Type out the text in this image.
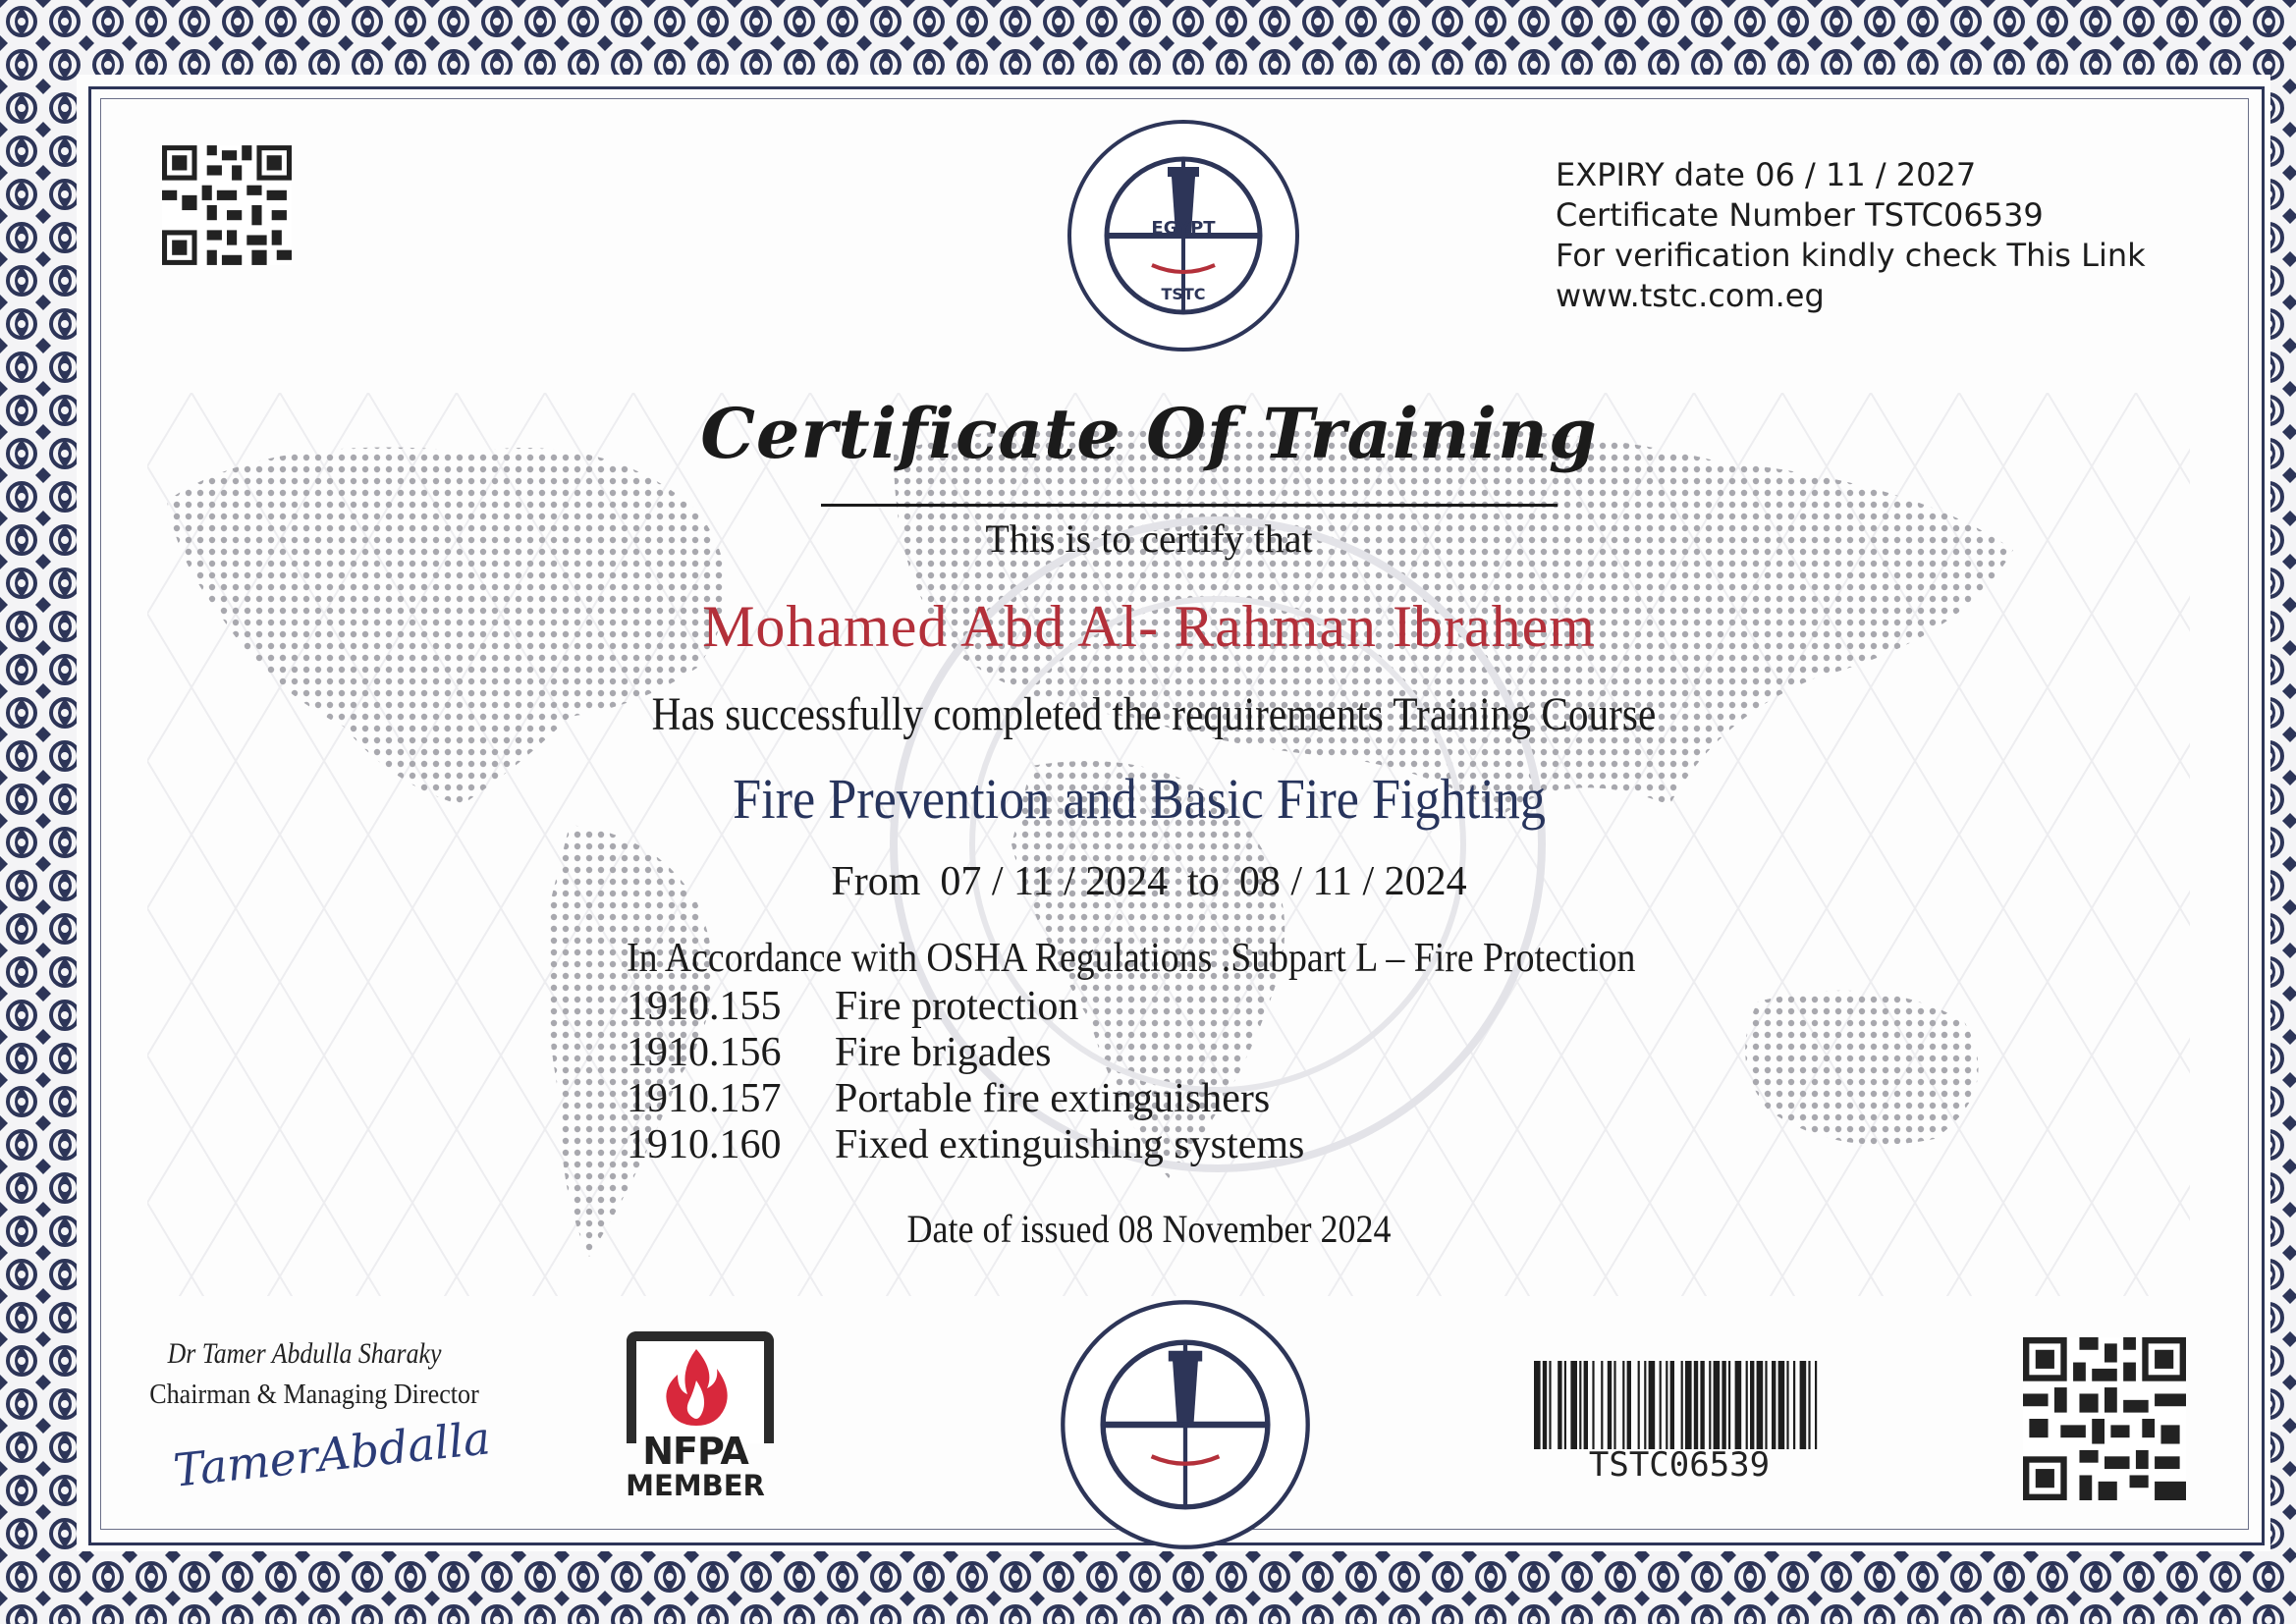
EGYPT
TSTC
EXPIRY date 06 / 11 / 2027
Certificate Number TSTC06539
For verification kindly check This Link
www.tstc.com.eg
Certificate Of Training
This is to certify that
Mohamed Abd Al- Rahman Ibrahem
Has successfully completed the requirements Training Course
Fire Prevention and Basic Fire Fighting
From 07 / 11 / 2024 to 08 / 11 / 2024
In Accordance with OSHA Regulations .Subpart L – Fire Protection
1910.155	Fire protection
1910.156	Fire brigades
1910.157	Portable fire extinguishers
1910.160	Fixed extinguishing systems
Date of issued 08 November 2024
Dr Tamer Abdulla Sharaky
Chairman & Managing Director
TamerAbdalla	NFPA
MEMBER
TSTC06539
